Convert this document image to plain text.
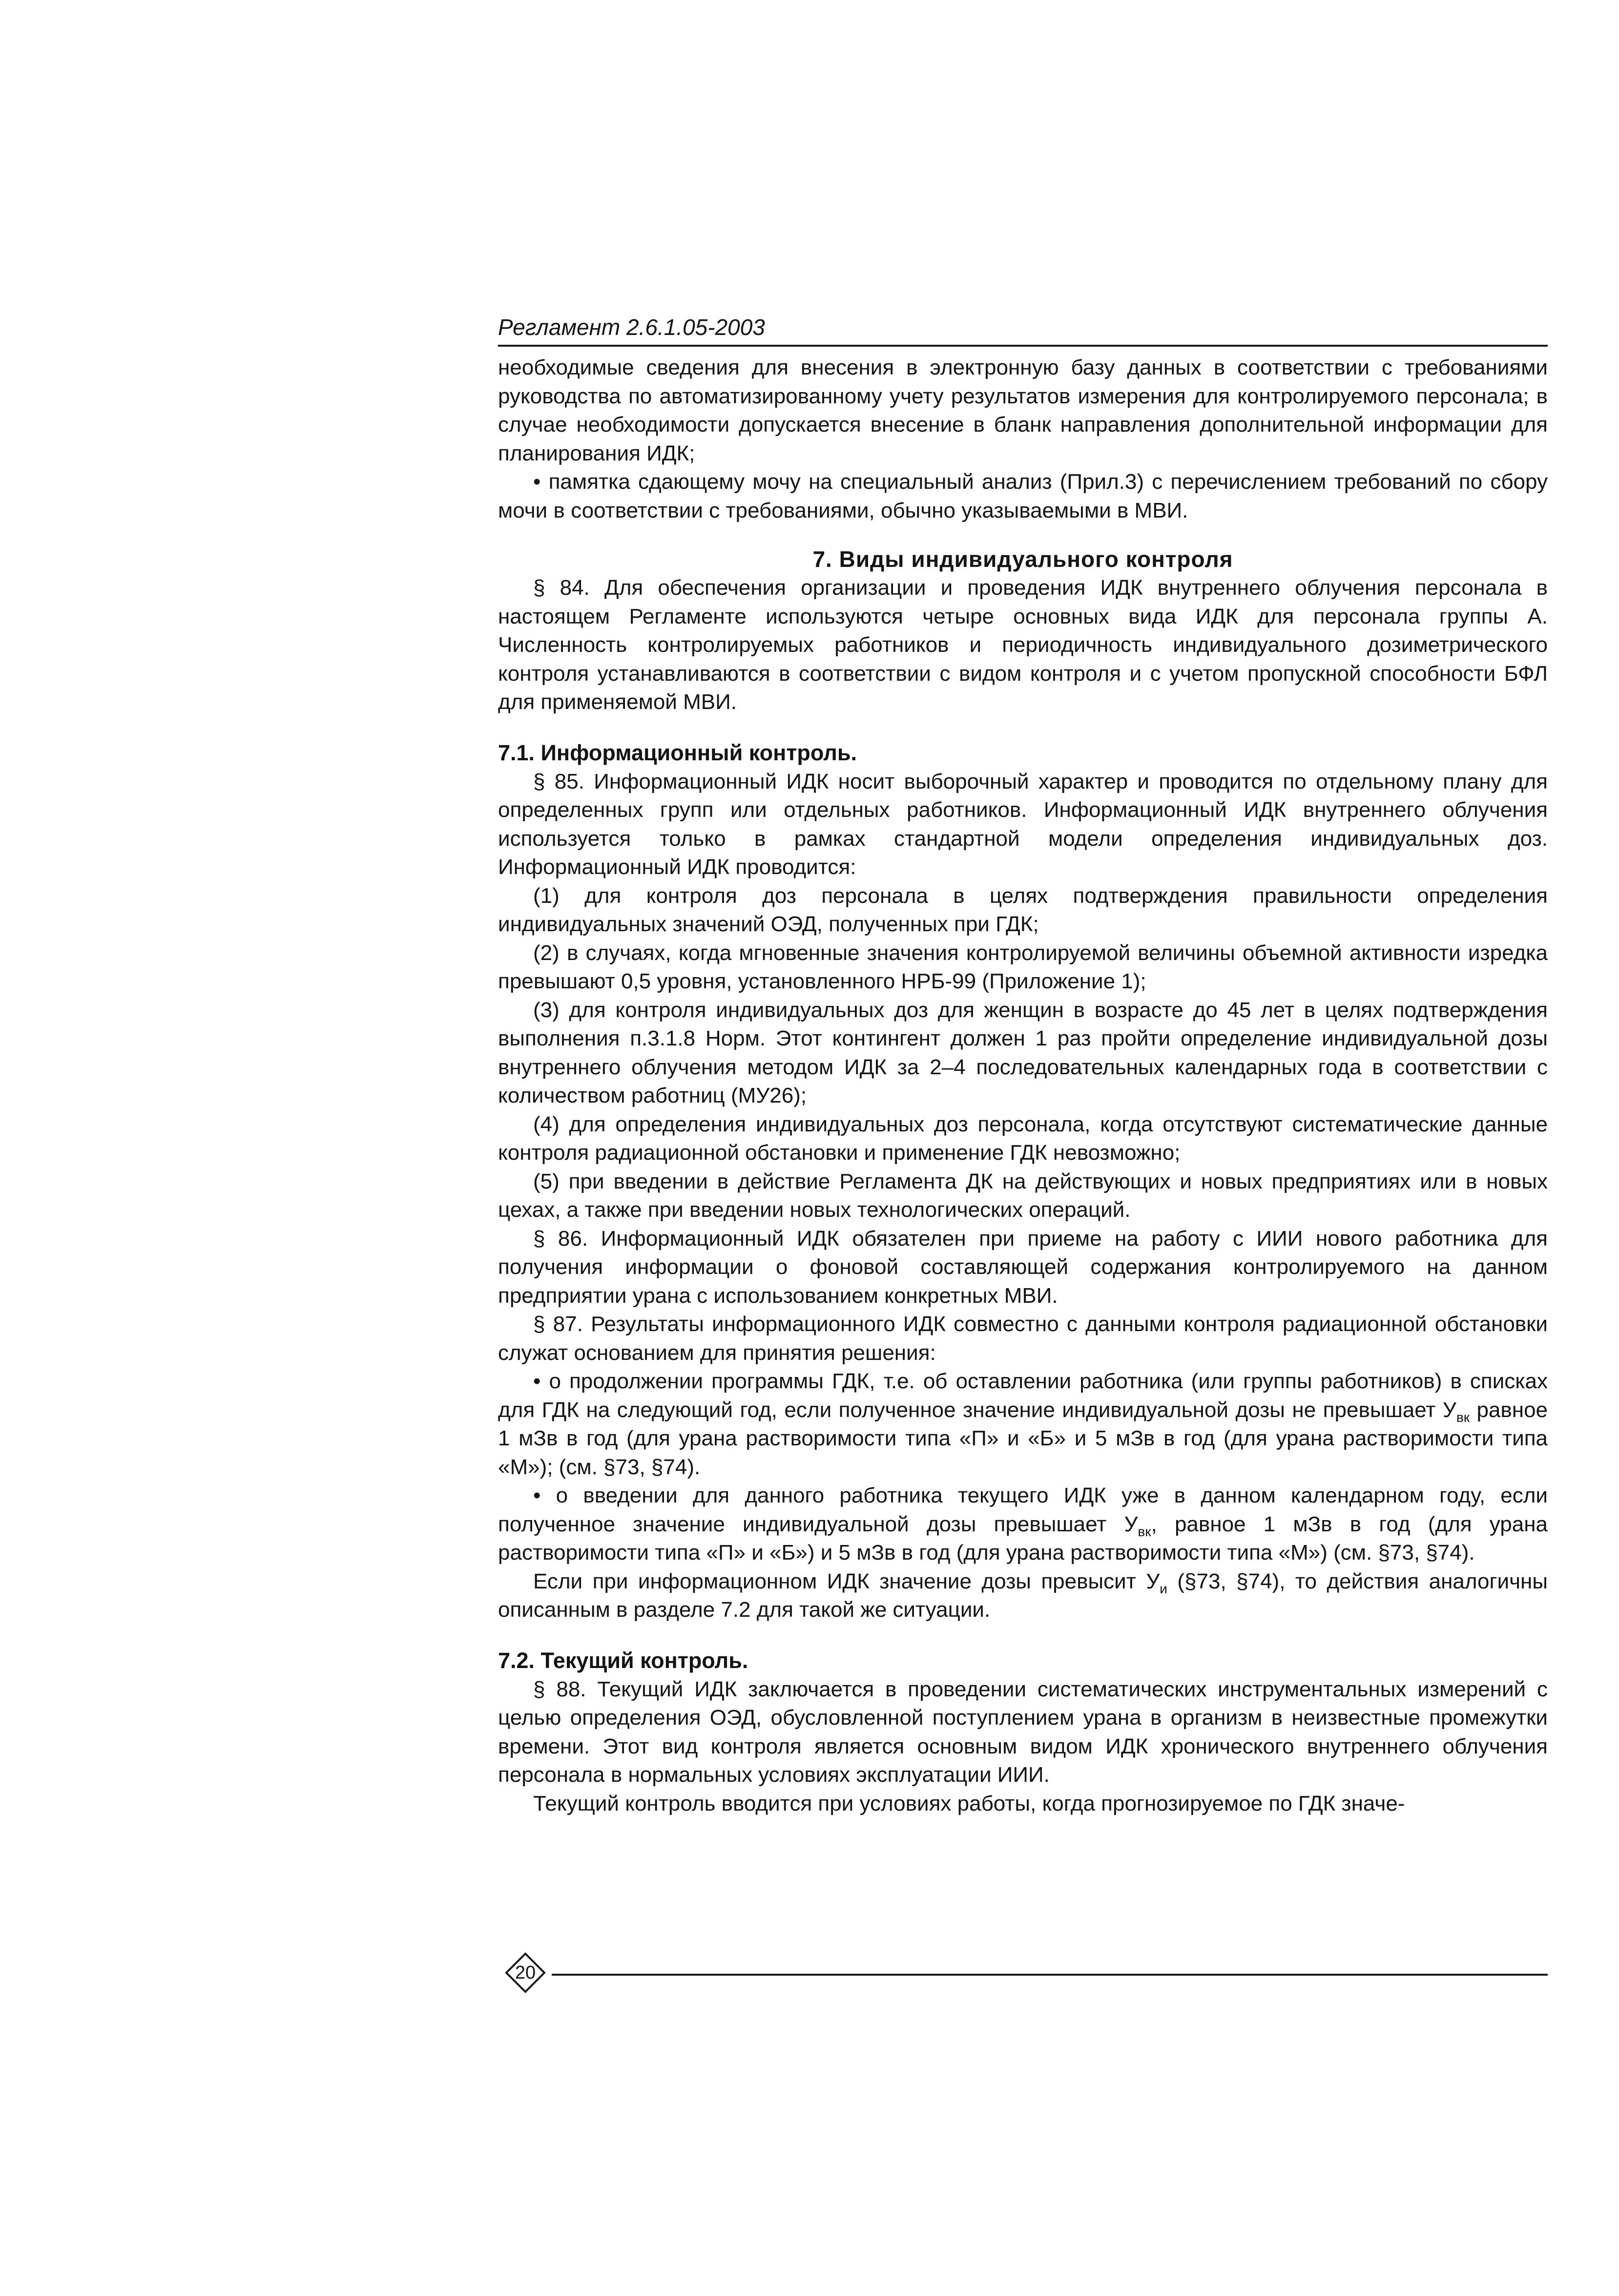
Регламент 2.6.1.05-2003

необходимые сведения для внесения в электронную базу данных в соответствии с требованиями руководства по автоматизированному учету результатов измерения для контролируемого персонала; в случае необходимости допускается внесение в бланк направления дополнительной информации для планирования ИДК;

• памятка сдающему мочу на специальный анализ (Прил.3) с перечислением требований по сбору мочи в соответствии с требованиями, обычно указываемыми в МВИ.

7. Виды индивидуального контроля

§ 84. Для обеспечения организации и проведения ИДК внутреннего облучения персонала в настоящем Регламенте используются четыре основных вида ИДК для персонала группы А. Численность контролируемых работников и периодичность индивидуального дозиметрического контроля устанавливаются в соответствии с видом контроля и с учетом пропускной способности БФЛ для применяемой МВИ.

7.1. Информационный контроль.

§ 85. Информационный ИДК носит выборочный характер и проводится по отдельному плану для определенных групп или отдельных работников. Информационный ИДК внутреннего облучения используется только в рамках стандартной модели определения индивидуальных доз. Информационный ИДК проводится:

(1) для контроля доз персонала в целях подтверждения правильности определения индивидуальных значений ОЭД, полученных при ГДК;

(2) в случаях, когда мгновенные значения контролируемой величины объемной активности изредка превышают 0,5 уровня, установленного НРБ-99 (Приложение 1);

(3) для контроля индивидуальных доз для женщин в возрасте до 45 лет в целях подтверждения выполнения п.3.1.8 Норм. Этот контингент должен 1 раз пройти определение индивидуальной дозы внутреннего облучения методом ИДК за 2–4 последовательных календарных года в соответствии с количеством работниц (МУ26);

(4) для определения индивидуальных доз персонала, когда отсутствуют систематические данные контроля радиационной обстановки и применение ГДК невозможно;

(5) при введении в действие Регламента ДК на действующих и новых предприятиях или в новых цехах, а также при введении новых технологических операций.

§ 86. Информационный ИДК обязателен при приеме на работу с ИИИ нового работника для получения информации о фоновой составляющей содержания контролируемого на данном предприятии урана с использованием конкретных МВИ.

§ 87. Результаты информационного ИДК совместно с данными контроля радиационной обстановки служат основанием для принятия решения:

• о продолжении программы ГДК, т.е. об оставлении работника (или группы работников) в списках для ГДК на следующий год, если полученное значение индивидуальной дозы не превышает $У_{вк}$ равное 1 мЗв в год (для урана растворимости типа «П» и «Б» и 5 мЗв в год (для урана растворимости типа «М»); (см. §73, §74).

• о введении для данного работника текущего ИДК уже в данном календарном году, если полученное значение индивидуальной дозы превышает $У_{вк}$, равное 1 мЗв в год (для урана растворимости типа «П» и «Б») и 5 мЗв в год (для урана растворимости типа «М») (см. §73, §74).

Если при информационном ИДК значение дозы превысит $У_и$ (§73, §74), то действия аналогичны описанным в разделе 7.2 для такой же ситуации.

7.2. Текущий контроль.

§ 88. Текущий ИДК заключается в проведении систематических инструментальных измерений с целью определения ОЭД, обусловленной поступлением урана в организм в неизвестные промежутки времени. Этот вид контроля является основным видом ИДК хронического внутреннего облучения персонала в нормальных условиях эксплуатации ИИИ.

Текущий контроль вводится при условиях работы, когда прогнозируемое по ГДК значе-

20
